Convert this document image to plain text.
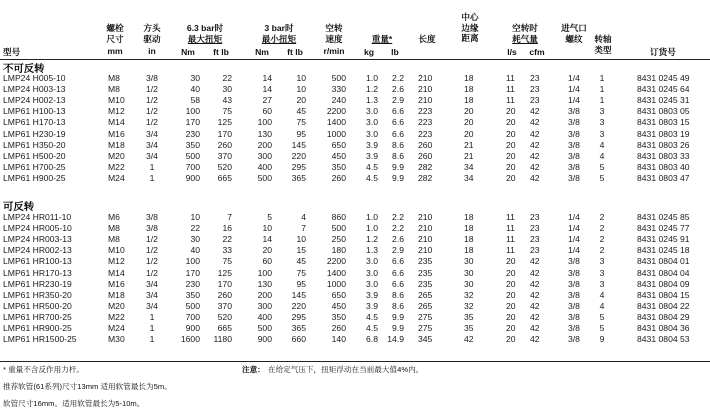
型号
螺栓
尺寸
mm
方头
驱动
in
6.3 bar时
最大扭矩
Nm	ft lb
3 bar时
最小扭矩
Nm	ft lb
空转
速度
r/min
重量*
kg	lb
长度
中心
边缘
距离
空转时
耗气量
l/s	cfm
进气口
螺纹	转轴
类型	订货号
不可反转
LMP24 H005-10	M8	3/8	30	22	14	10	500	1.0	2.2 210	18	11	23	1/4	1	8431 0245 49
LMP24 H003-13	M8	1/2	40	30	14	10	330	1.2	2.6 210	18	11	23	1/4	1	8431 0245 64
LMP24 H002-13	M10 1/2	58	43	27	20	240	1.3	2.9 210	18	11	23	1/4	1	8431 0245 31
LMP61 H100-13	M12 1/2	100	75	60	45	2200	3.0	6.6 223	20	20 42	3/8	3	8431 0803 05
LMP61 H170-13	M14 1/2	170	125	100	75	1400	3.0	6.6 223	20	20 42	3/8	3	8431 0803 15
LMP61 H230-19	M16 3/4	230	170	130	95	1000	3.0	6.6 223	20	20 42	3/8	3	8431 0803 19
LMP61 H350-20	M18 3/4	350	260	200	145	650	3.9	8.6 260	21	20 42	3/8	4	8431 0803 26
LMP61 H500-20	M20 3/4	500	370	300	220	450	3.9	8.6 260	21	20 42	3/8	4	8431 0803 33
LMP61 H700-25	M22	1	700	520	400	295	350	4.5	9.9 282	34	20 42	3/8	5	8431 0803 40
LMP61 H900-25	M24	1	900	665	500	365	260	4.5	9.9 282	34	20 42	3/8	5	8431 0803 47
可反转
LMP24 HR011-10	M6	3/8	10	7	5	4	860	1.0	2.2 210	18	11	23	1/4	2	8431 0245 85
LMP24 HR005-10	M8	3/8	22	16	10	7	500	1.0	2.2 210	18	11	23	1/4	2	8431 0245 77
LMP24 HR003-13	M8	1/2	30	22	14	10	250	1.2	2.6 210	18	11	23	1/4	2	8431 0245 91
LMP24 HR002-13	M10 1/2	40	33	20	15	180	1.3	2.9 210	18	11	23	1/4	2	8431 0245 18
LMP61 HR100-13	M12 1/2	100	75	60	45	2200	3.0	6.6 235	30	20 42	3/8	3	8431 0804 01
LMP61 HR170-13	M14 1/2	170	125	100	75	1400	3.0	6.6 235	30	20 42	3/8	3	8431 0804 04
LMP61 HR230-19	M16 3/4	230	170	130	95	1000	3.0	6.6 235	30	20 42	3/8	3	8431 0804 09
LMP61 HR350-20	M18 3/4	350	260	200	145	650	3.9	8.6 265	32	20 42	3/8	4	8431 0804 15
LMP61 HR500-20	M20 3/4	500	370	300	220	450	3.9	8.6 265	32	20 42	3/8	4	8431 0804 22
LMP61 HR700-25	M22	1	700	520	400	295	350	4.5	9.9 275	35	20 42	3/8	5	8431 0804 29
LMP61 HR900-25	M24	1	900	665	500	365	260	4.5	9.9 275	35	20 42	3/8	5	8431 0804 36
LMP61 HR1500-25	M30	1	1600	1180	900	660	140	6.8 14.9 345	42	20 42	3/8	9	8431 0804 53
* 重量不含反作用力杆。	注意： 在给定气压下，扭矩浮动在当前最大值4%内。
推荐软管(61系列)尺寸13mm 适用软管最长为5m。
软管尺寸16mm。适用软管最长为5-10m。
